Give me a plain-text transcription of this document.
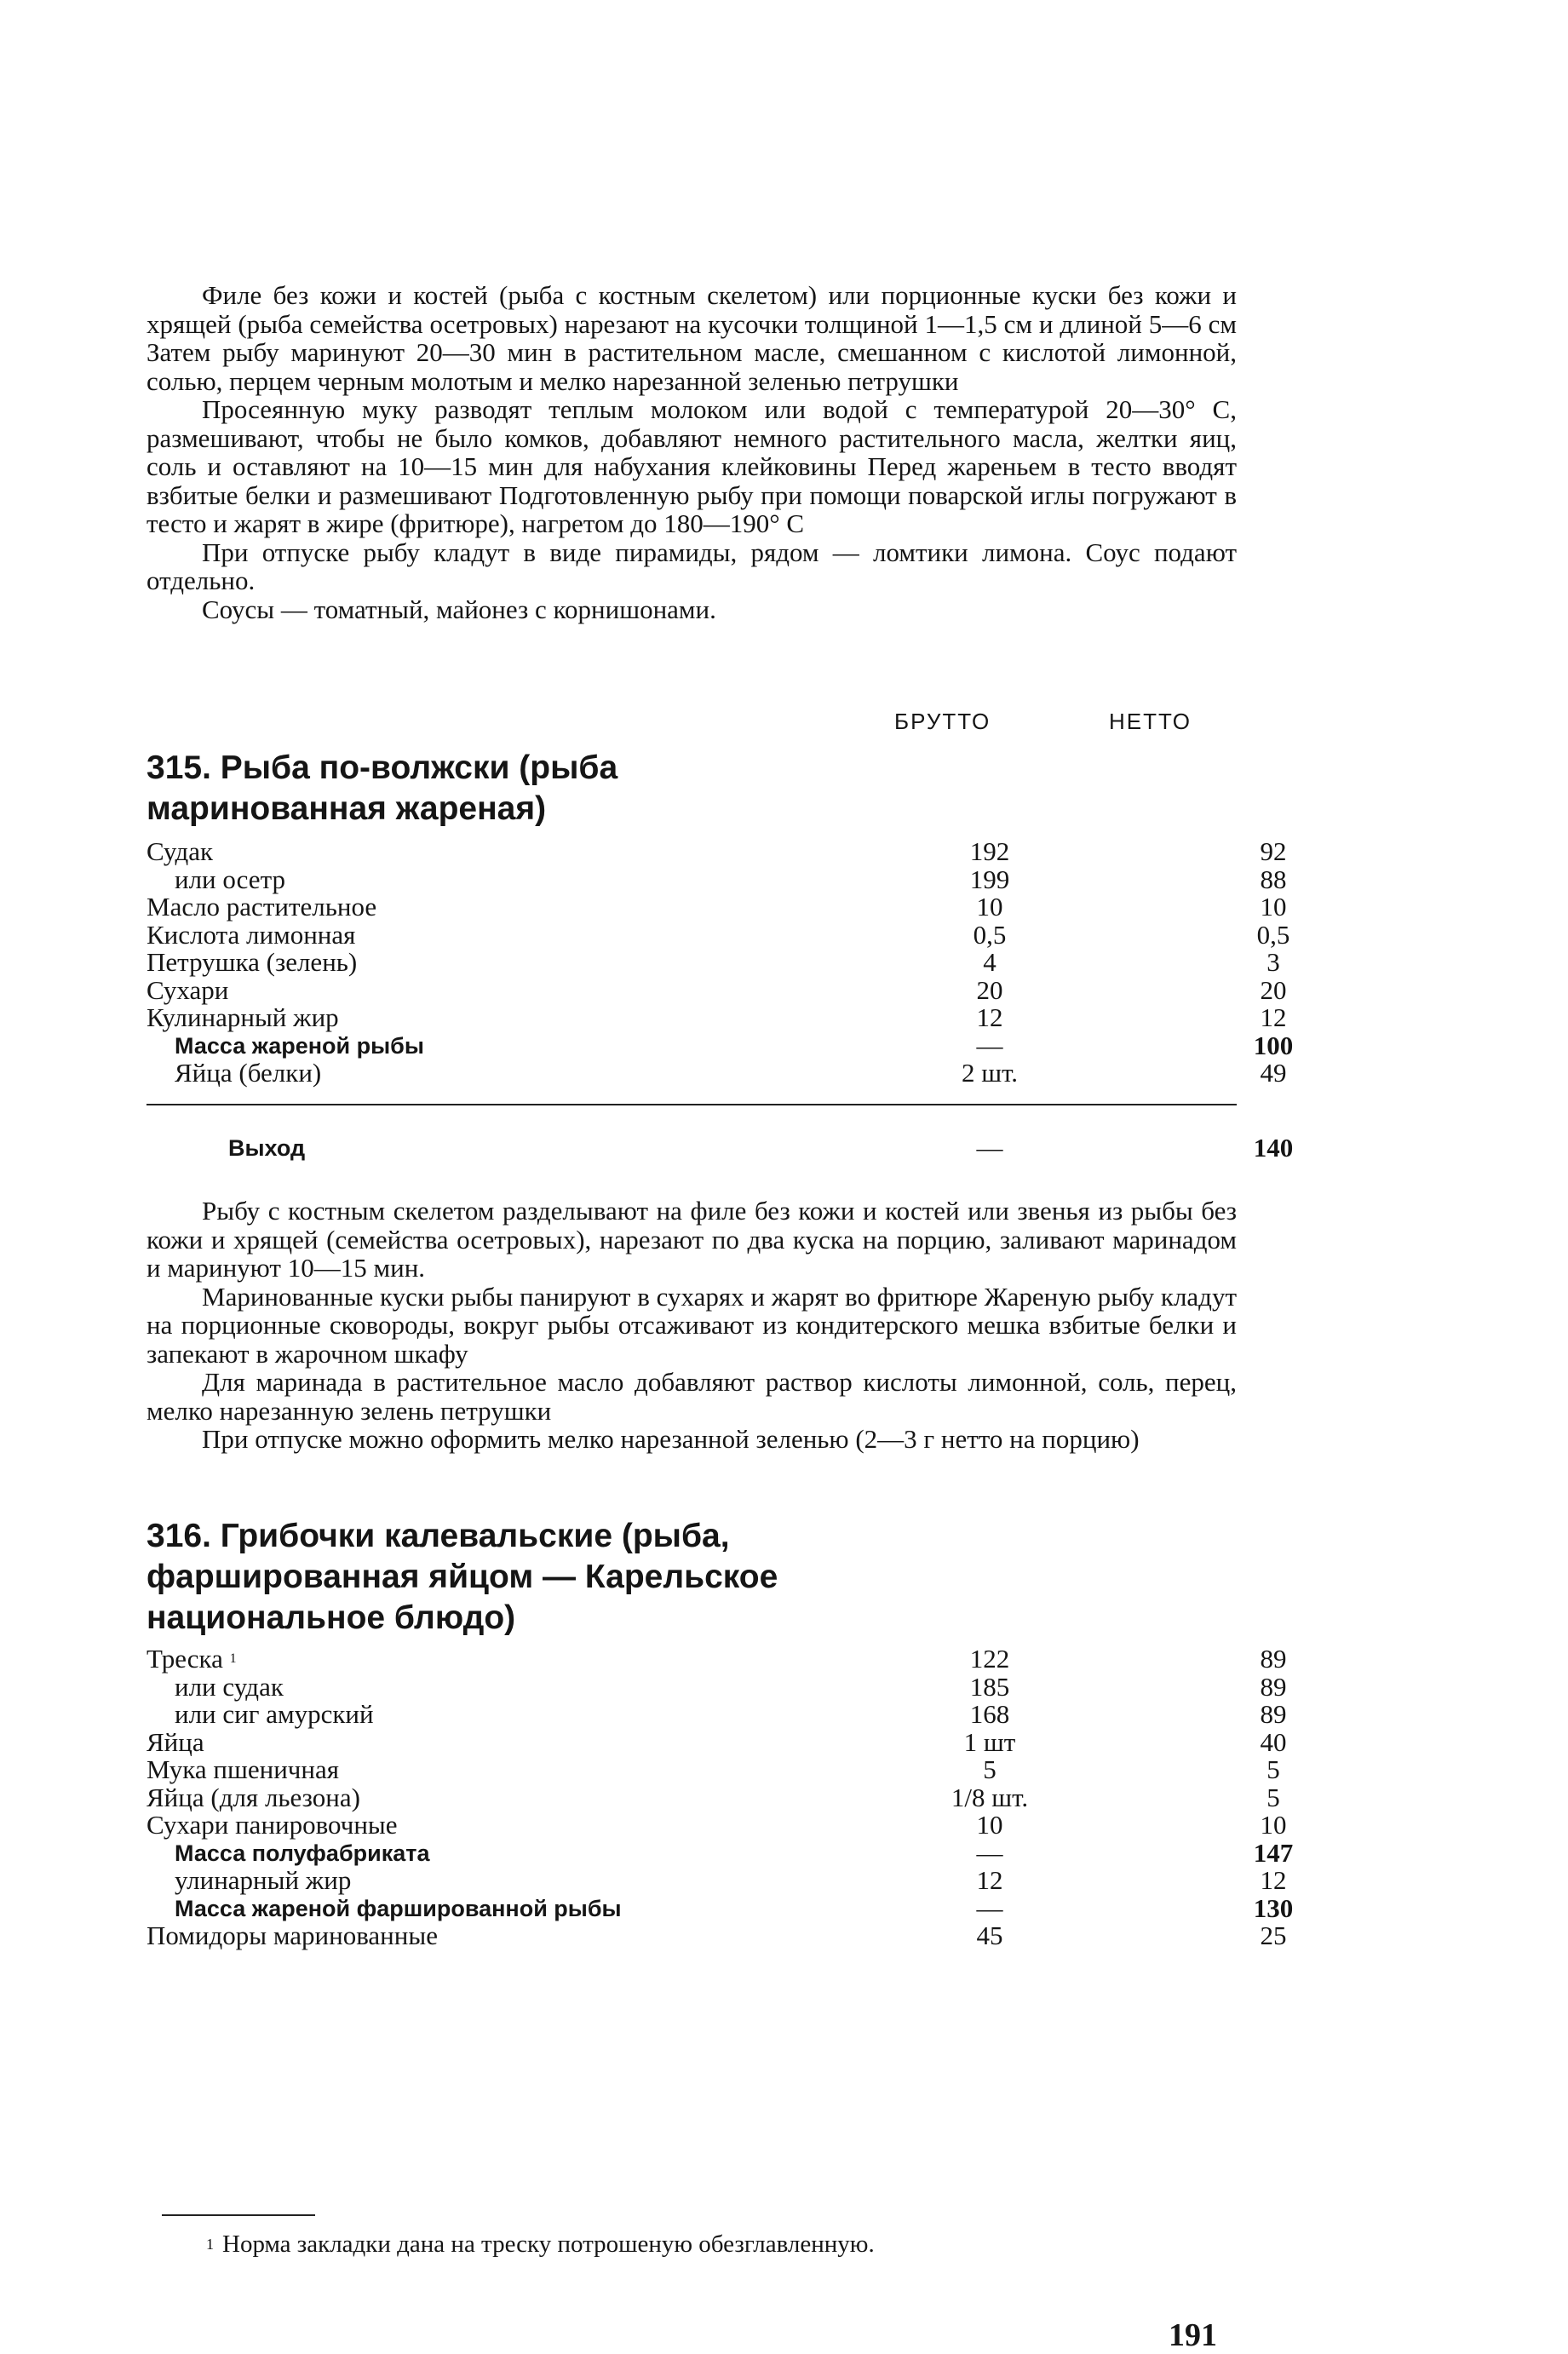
Филе без кожи и костей (рыба с костным скелетом) или порционные куски без кожи и хрящей (рыба семейства осетровых) нарезают на кусочки толщиной 1—1,5 см и длиной 5—6 см Затем рыбу маринуют 20—30 мин в растительном масле, смешанном с кислотой лимонной, солью, перцем черным молотым и мелко нарезанной зеленью петрушки

Просеянную муку разводят теплым молоком или водой с температурой 20—30° С, размешивают, чтобы не было комков, добавляют немного растительного масла, желтки яиц, соль и оставляют на 10—15 мин для набухания клейковины Перед жареньем в тесто вводят взбитые белки и размешивают Подготовленную рыбу при помощи поварской иглы погружают в тесто и жарят в жире (фритюре), нагретом до 180—190° С

При отпуске рыбу кладут в виде пирамиды, рядом — ломтики лимона. Соус подают отдельно.

Соусы — томатный, майонез с корнишонами.

БРУТТО	НЕТТО
315. Рыба по-волжски (рыба маринованная жареная)
Судак	192	92
или осетр	199	88
Масло растительное	10	10
Кислота лимонная	0,5	0,5
Петрушка (зелень)	4	3
Сухари	20	20
Кулинарный жир	12	12
Масса жареной рыбы	—	100
Яйца (белки)	2 шт.	49
Выход	—	140

Рыбу с костным скелетом разделывают на филе без кожи и костей или звенья из рыбы без кожи и хрящей (семейства осетровых), нарезают по два куска на порцию, заливают маринадом и маринуют 10—15 мин.

Маринованные куски рыбы панируют в сухарях и жарят во фритюре Жареную рыбу кладут на порционные сковороды, вокруг рыбы отсаживают из кондитерского мешка взбитые белки и запекают в жарочном шкафу

Для маринада в растительное масло добавляют раствор кислоты лимонной, соль, перец, мелко нарезанную зелень петрушки

При отпуске можно оформить мелко нарезанной зеленью (2—3 г нетто на порцию)

316. Грибочки калевальские (рыба, фаршированная яйцом — Карельское национальное блюдо)
Треска $^1$	122	89
или судак	185	89
или сиг амурский	168	89
Яйца	1 шт	40
Мука пшеничная	5	5
Яйца (для льезона)	1/8 шт.	5
Сухари панировочные	10	10
Масса полуфабриката	—	147
улинарный жир	12	12
Масса жареной фаршированной рыбы	—	130
Помидоры маринованные	45	25
$^1$ Норма закладки дана на треску потрошеную обезглавленную.
191
